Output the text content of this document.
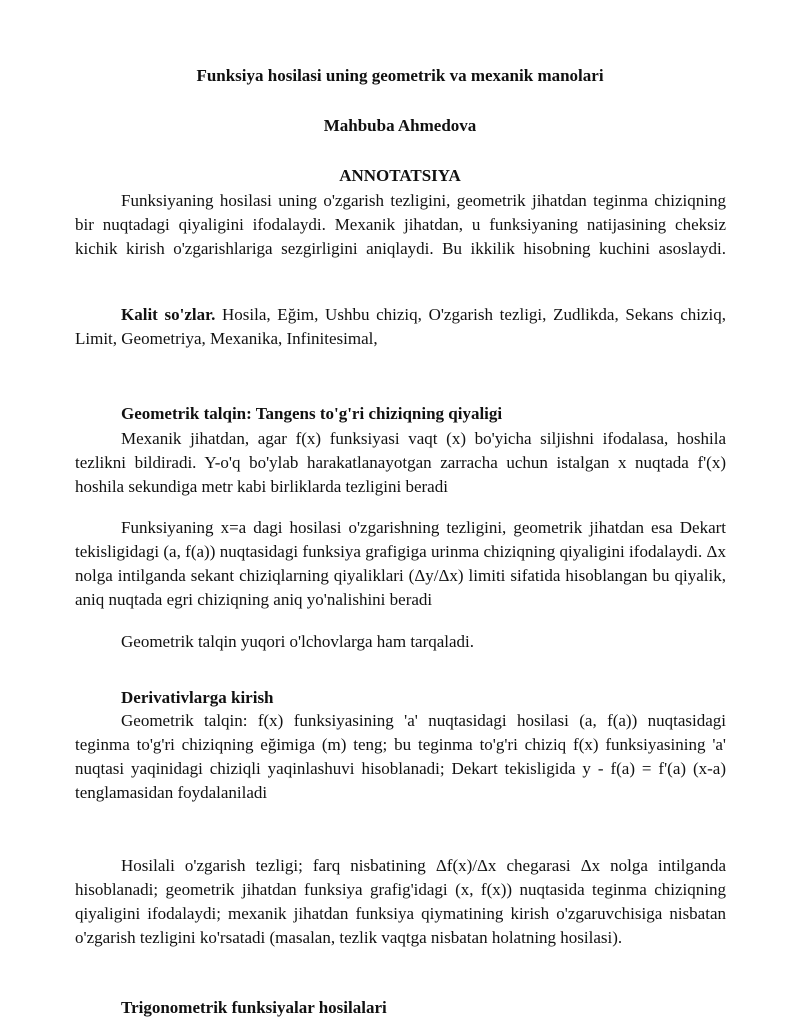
Funksiya hosilasi uning geometrik va mexanik manolari
Mahbuba Ahmedova
ANNOTATSIYA
Funksiyaning hosilasi uning o'zgarish tezligini, geometrik jihatdan teginma chiziqning bir nuqtadagi qiyaligini ifodalaydi. Mexanik jihatdan, u funksiyaning natijasining cheksiz kichik kirish o'zgarishlariga sezgirligini aniqlaydi. Bu ikkilik hisobning kuchini asoslaydi.
Kalit so'zlar. Hosila, Eğim, Ushbu chiziq, O'zgarish tezligi, Zudlikda, Sekans chiziq, Limit, Geometriya, Mexanika, Infinitesimal,
Geometrik talqin: Tangens to'g'ri chiziqning qiyaligi
Mexanik jihatdan, agar f(x) funksiyasi vaqt (x) bo'yicha siljishni ifodalasa, hoshila tezlikni bildiradi. Y-o'q bo'ylab harakatlanayotgan zarracha uchun istalgan x nuqtada f'(x) hoshila sekundiga metr kabi birliklarda tezligini beradi
Funksiyaning x=a dagi hosilasi o'zgarishning tezligini, geometrik jihatdan esa Dekart tekisligidagi (a, f(a)) nuqtasidagi funksiya grafigiga urinma chiziqning qiyaligini ifodalaydi. Δx nolga intilganda sekant chiziqlarning qiyaliklari (Δy/Δx) limiti sifatida hisoblangan bu qiyalik, aniq nuqtada egri chiziqning aniq yo'nalishini beradi
Geometrik talqin yuqori o'lchovlarga ham tarqaladi.
Derivativlarga kirish
Geometrik talqin: f(x) funksiyasining 'a' nuqtasidagi hosilasi (a, f(a)) nuqtasidagi teginma to'g'ri chiziqning eğimiga (m) teng; bu teginma to'g'ri chiziq f(x) funksiyasining 'a' nuqtasi yaqinidagi chiziqli yaqinlashuvi hisoblanadi; Dekart tekisligida y - f(a) = f'(a) (x-a) tenglamasidan foydalaniladi
Hosilali o'zgarish tezligi; farq nisbatining Δf(x)/Δx chegarasi Δx nolga intilganda hisoblanadi; geometrik jihatdan funksiya grafig'idagi (x, f(x)) nuqtasida teginma chiziqning qiyaligini ifodalaydi; mexanik jihatdan funksiya qiymatining kirish o'zgaruvchisiga nisbatan o'zgarish tezligini ko'rsatadi (masalan, tezlik vaqtga nisbatan holatning hosilasi).
Trigonometrik funksiyalar hosilalari
